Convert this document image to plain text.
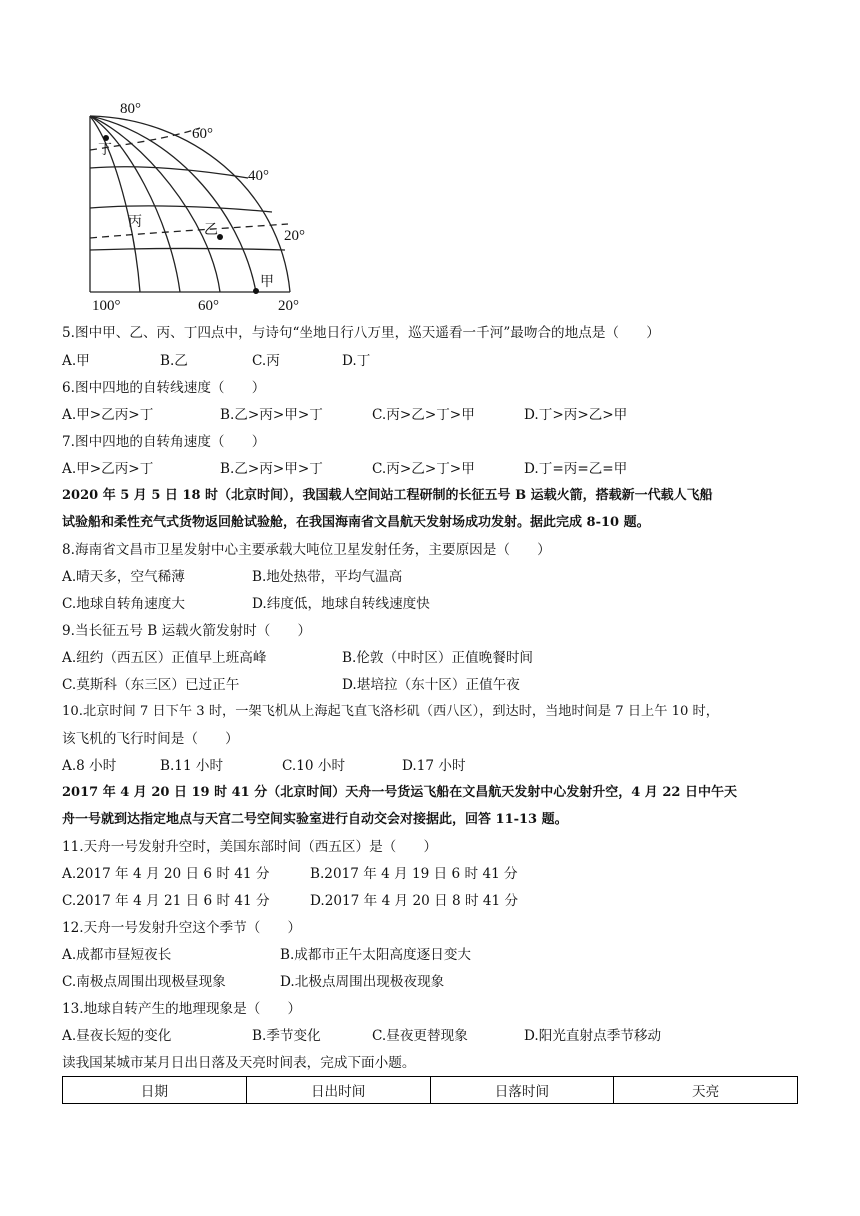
80°
60°
40°
20°
100°	60°	20°
丁
丙	乙
甲
5.图中甲、乙、丙、丁四点中，与诗句“坐地日行八万里，巡天遥看一千河”最吻合的地点是（　　）
A.甲	B.乙	C.丙	D.丁
6.图中四地的自转线速度（　　）
A.甲>乙丙>丁	B.乙>丙>甲>丁	C.丙>乙>丁>甲	D.丁>丙>乙>甲
7.图中四地的自转角速度（　　）
A.甲>乙丙>丁	B.乙>丙>甲>丁	C.丙>乙>丁>甲	D.丁=丙=乙=甲
2020 年 5 月 5 日 18 时（北京时间），我国载人空间站工程研制的长征五号 B 运载火箭，搭载新一代载人飞船
试验船和柔性充气式货物返回舱试验舱，在我国海南省文昌航天发射场成功发射。据此完成 8-10 题。
8.海南省文昌市卫星发射中心主要承载大吨位卫星发射任务，主要原因是（　　）
A.晴天多，空气稀薄	B.地处热带，平均气温高
C.地球自转角速度大	D.纬度低，地球自转线速度快
9.当长征五号 B 运载火箭发射时（　　）
A.纽约（西五区）正值早上班高峰	B.伦敦（中时区）正值晚餐时间
C.莫斯科（东三区）已过正午	D.堪培拉（东十区）正值午夜
10.北京时间 7 日下午 3 时，一架飞机从上海起飞直飞洛杉矶（西八区），到达时，当地时间是 7 日上午 10 时，
该飞机的飞行时间是（　　）
A.8 小时	B.11 小时	C.10 小时	D.17 小时
2017 年 4 月 20 日 19 时 41 分（北京时间）天舟一号货运飞船在文昌航天发射中心发射升空，4 月 22 日中午天
舟一号就到达指定地点与天宫二号空间实验室进行自动交会对接据此，回答 11-13 题。
11.天舟一号发射升空时，美国东部时间（西五区）是（　　）
A.2017 年 4 月 20 日 6 时 41 分	B.2017 年 4 月 19 日 6 时 41 分
C.2017 年 4 月 21 日 6 时 41 分	D.2017 年 4 月 20 日 8 时 41 分
12.天舟一号发射升空这个季节（　　）
A.成都市昼短夜长	B.成都市正午太阳高度逐日变大
C.南极点周围出现极昼现象	D.北极点周围出现极夜现象
13.地球自转产生的地理现象是（　　）
A.昼夜长短的变化	B.季节变化	C.昼夜更替现象	D.阳光直射点季节移动
读我国某城市某月日出日落及天亮时间表，完成下面小题。
日期	日出时间	日落时间	天亮
